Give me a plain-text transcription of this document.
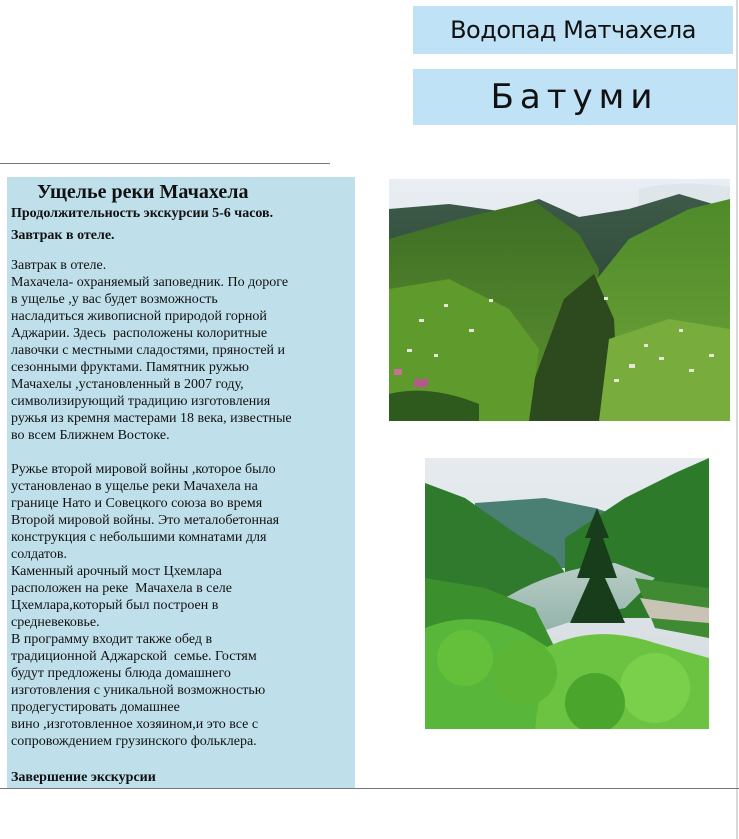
Водопад Матчахела
Батуми
Ущелье реки Мачахела
Продолжительность экскурсии 5-6 часов.
Завтрак в отеле.
Завтрак в отеле.
Махачела- охраняемый заповедник. По дороге
в ущелье ,у вас будет возможность
насладиться живописной природой горной
Аджарии. Здесь  расположены колоритные
лавочки с местными сладостями, пряностей и
сезонными фруктами. Памятник ружью
Мачахелы ,установленный в 2007 году,
символизирующий традицию изготовления
ружья из кремня мастерами 18 века, известные
во всем Ближнем Востоке.
Ружье второй мировой войны ,которое было
установленао в ущелье реки Мачахела на
границе Нато и Совецкого союза во время
Второй мировой войны. Это металобетонная
конструкция с небольшими комнатами для
солдатов.
Каменный арочный мост Цхемлара
расположен на реке  Мачахела в селе
Цхемлара,который был построен в
средневековье.
В программу входит также обед в
традиционной Аджарской  семье. Гостям
будут предложены блюда домашнего
изготовления с уникальной возможностью
продегустировать домашнее
вино ,изготовленное хозяином,и это все с
сопровождением грузинского фольклера.
Завершение экскурсии
